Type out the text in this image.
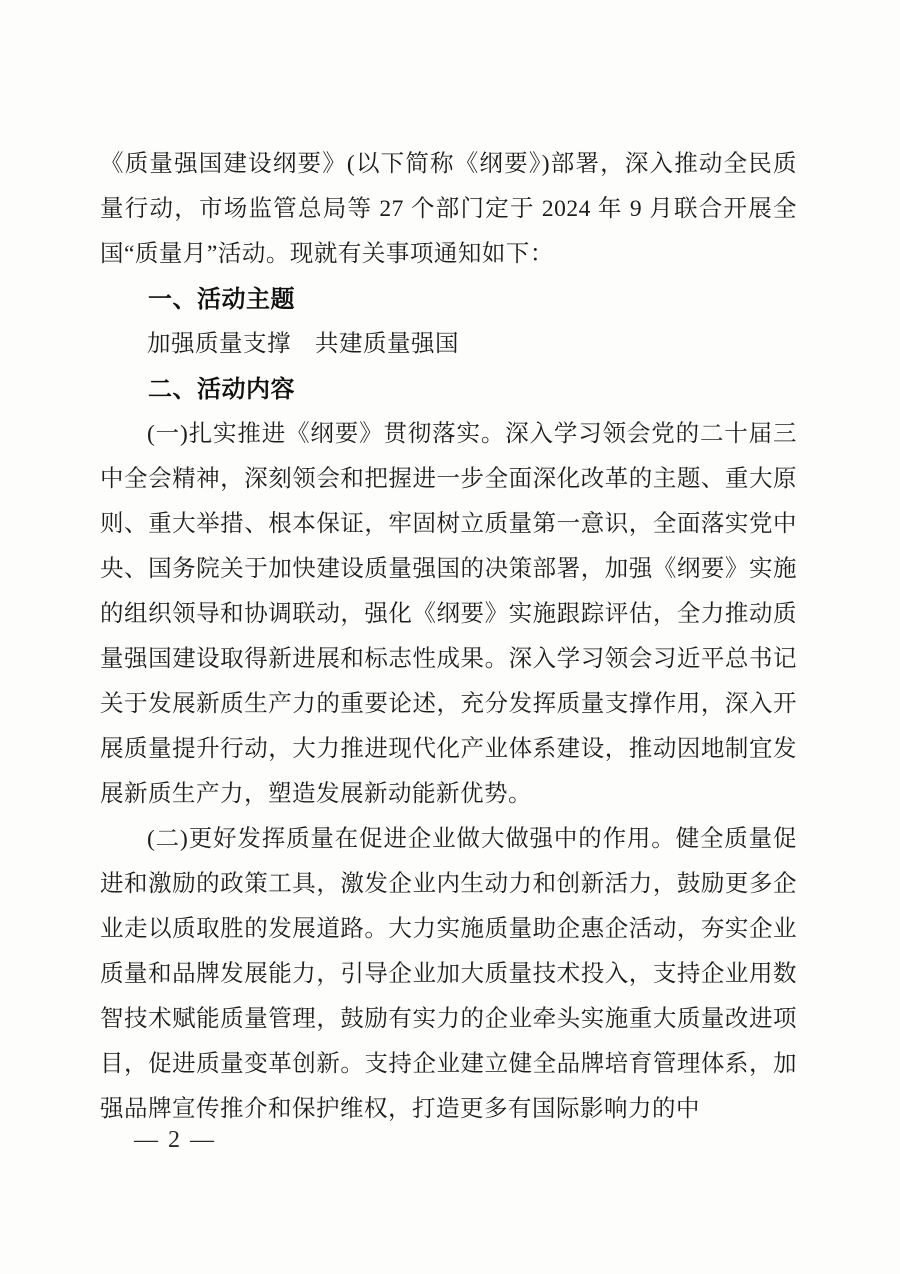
《质量强国建设纲要》(以下简称《纲要》)部署，深入推动全民质量行动，市场监管总局等 27 个部门定于 2024 年 9 月联合开展全国“质量月”活动。现就有关事项通知如下：

一、活动主题

加强质量支撑　共建质量强国

二、活动内容

(一)扎实推进《纲要》贯彻落实。深入学习领会党的二十届三中全会精神，深刻领会和把握进一步全面深化改革的主题、重大原则、重大举措、根本保证，牢固树立质量第一意识，全面落实党中央、国务院关于加快建设质量强国的决策部署，加强《纲要》实施的组织领导和协调联动，强化《纲要》实施跟踪评估，全力推动质量强国建设取得新进展和标志性成果。深入学习领会习近平总书记关于发展新质生产力的重要论述，充分发挥质量支撑作用，深入开展质量提升行动，大力推进现代化产业体系建设，推动因地制宜发展新质生产力，塑造发展新动能新优势。

(二)更好发挥质量在促进企业做大做强中的作用。健全质量促进和激励的政策工具，激发企业内生动力和创新活力，鼓励更多企业走以质取胜的发展道路。大力实施质量助企惠企活动，夯实企业质量和品牌发展能力，引导企业加大质量技术投入，支持企业用数智技术赋能质量管理，鼓励有实力的企业牵头实施重大质量改进项目，促进质量变革创新。支持企业建立健全品牌培育管理体系，加强品牌宣传推介和保护维权，打造更多有国际影响力的中

— 2 —
